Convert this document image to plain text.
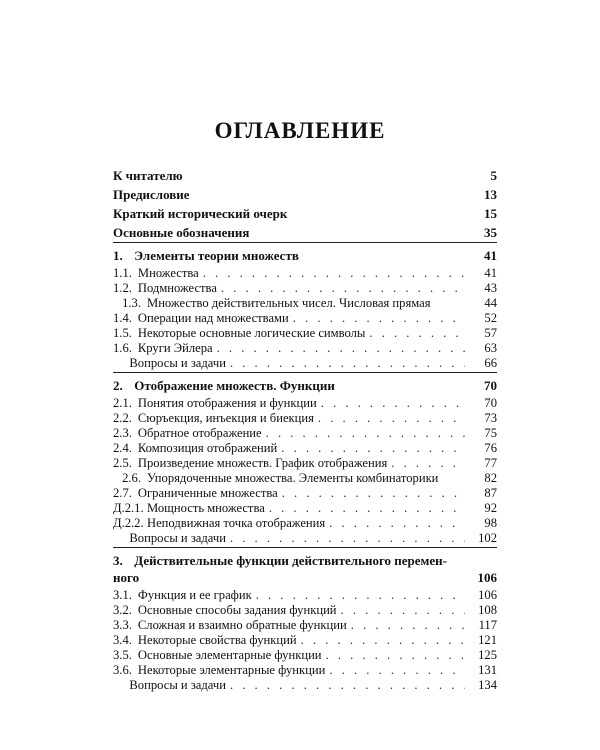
ОГЛАВЛЕНИЕ
К читателю	5
Предисловие	13
Краткий исторический очерк	15
Основные обозначения	35
1. Элементы теории множеств	41
1.1. Множества . . .	41
1.2. Подмножества . . .	43
1.3. Множество действительных чисел. Числовая прямая	44
1.4. Операции над множествами . . .	52
1.5. Некоторые основные логические символы . . .	57
1.6. Круги Эйлера . . .	63
Вопросы и задачи . . .	66
2. Отображение множеств. Функции	70
2.1. Понятия отображения и функции . . .	70
2.2. Сюръекция, инъекция и биекция . . .	73
2.3. Обратное отображение . . .	75
2.4. Композиция отображений . . .	76
2.5. Произведение множеств. График отображения . . .	77
2.6. Упорядоченные множества. Элементы комбинаторики	82
2.7. Ограниченные множества . . .	87
Д.2.1. Мощность множества . . .	92
Д.2.2. Неподвижная точка отображения . . .	98
Вопросы и задачи . . .	102
3. Действительные функции действительного перемен-
ного	106
3.1. Функция и ее график . . .	106
3.2. Основные способы задания функций . . .	108
3.3. Сложная и взаимно обратные функции . . .	117
3.4. Некоторые свойства функций . . .	121
3.5. Основные элементарные функции . . .	125
3.6. Некоторые элементарные функции . . .	131
Вопросы и задачи . . .	134
